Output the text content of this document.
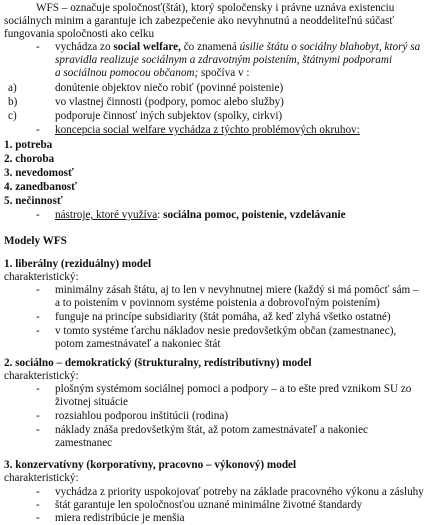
WFS – označuje spoločnosť(štát), ktorý spoločensky i právne uznáva existenciu
sociálnych minim a garantuje ich zabezpečenie ako nevyhnutnú a neoddeliteľnú súčasť
fungovania spoločnosti ako celku
- vychádza zo social welfare, čo znamená úsilie štátu o sociálny blahobyt, ktorý sa
spravidla realizuje sociálnym a zdravotným poistením, štátnymi podporami
a sociálnou pomocou občanom; spočíva v :
a)	donútenie objektov niečo robiť (povinné poistenie)
b)	vo vlastnej činnosti (podpory, pomoc alebo služby)
c)	podporuje činnosť iných subjektov (spolky, cirkvi)
- koncepcia social welfare vychádza z týchto problémových okruhov:
1. potreba
2. choroba
3. nevedomosť
4. zanedbanosť
5. nečinnosť
- nástroje, ktoré využíva: sociálna pomoc, poistenie, vzdelávanie
Modely WFS
1. liberálny (reziduálny) model
charakteristický:
- minimálny zásah štátu, aj to len v nevyhnutnej miere (každý si má pomôcť sám –
a to poistením v povinnom systéme poistenia a dobrovoľným poistením)
- funguje na princípe subsidiarity (štát pomáha, až keď zlyhá všetko ostatné)
- v tomto systéme ťarchu nákladov nesie predovšetkým občan (zamestnanec),
potom zamestnávateľ a nakoniec štát
2. sociálno – demokratický (štrukturalny, redistributívny) model
charakteristický:
- plošným systémom sociálnej pomoci a podpory – a to ešte pred vznikom SU zo
životnej situácie
- rozsiahlou podporou inštitúcii (rodina)
- náklady znáša predovšetkým štát, až potom zamestnávateľ a nakoniec
zamestnanec
3. konzervatívny (korporatívny, pracovno – výkonový) model
charakteristický:
- vychádza z priority uspokojovať potreby na základe pracovného výkonu a zásluhy
- štát garantuje len spoločnosťou uznané minimálne životné štandardy
- miera redistribúcie je menšia
